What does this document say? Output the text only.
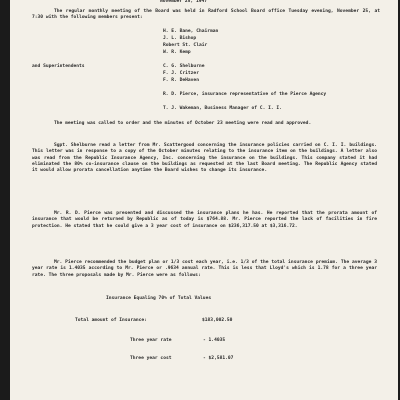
November 25, 1947

The regular monthly meeting of the Board was held in Radford School Board office Tuesday evening, November 25, at 7:30 with the following members present:

H. E. Bane, Chairman

J. L. Bishop

Robert St. Clair

W. R. Kemp

and Superintendents	C. G. Shelburne

F. J. Critzer

F. R. DeHaven

R. D. Pierce, insurance representative of the Pierce Agency

T. J. Wakeman, Business Manager of C. I. I.

The meeting was called to order and the minutes of October 23 meeting were read and approved.

Sgpt. Shelburne read a letter from Mr. Scattergood concerning the insurance policies carried on C. I. I. buildings. This letter was in response to a copy of the October minutes relating to the insurance item on the buildings. A letter also was read from the Republic Insurance Agency, Inc. concerning the insurance on the buildings. This company stated it had eliminated the 80% co-insurance clause on the buildings as requested at the last Board meeting. The Republic Agency stated it would allow prorata cancellation anytime the Board wishes to change its insurance.

Mr. R. D. Pierce was presented and discussed the insurance plans he has. He reported that the prorata amount of insurance that would be returned by Republic as of today is $764.88. Mr. Pierce reported the lack of facilities in fire protection. He stated that he could give a 3 year cost of insurance on $236,317.50 at $3,316.72.

Mr. Pierce recommended the budget plan or 1/3 cost each year, i.e. 1/3 of the total insurance premium. The average 3 year rate is 1.4035 according to Mr. Pierce or .9634 annual rate. This is less that Lloyd's which is 1.78 for a three year rate. The three proposals made by Mr. Pierce were as follows:

Insurance Equaling 70% of Total Values

Total amount of Insurance:	$183,002.50

Three year rate	- 1.4035

Three year cost	- $2,581.07
